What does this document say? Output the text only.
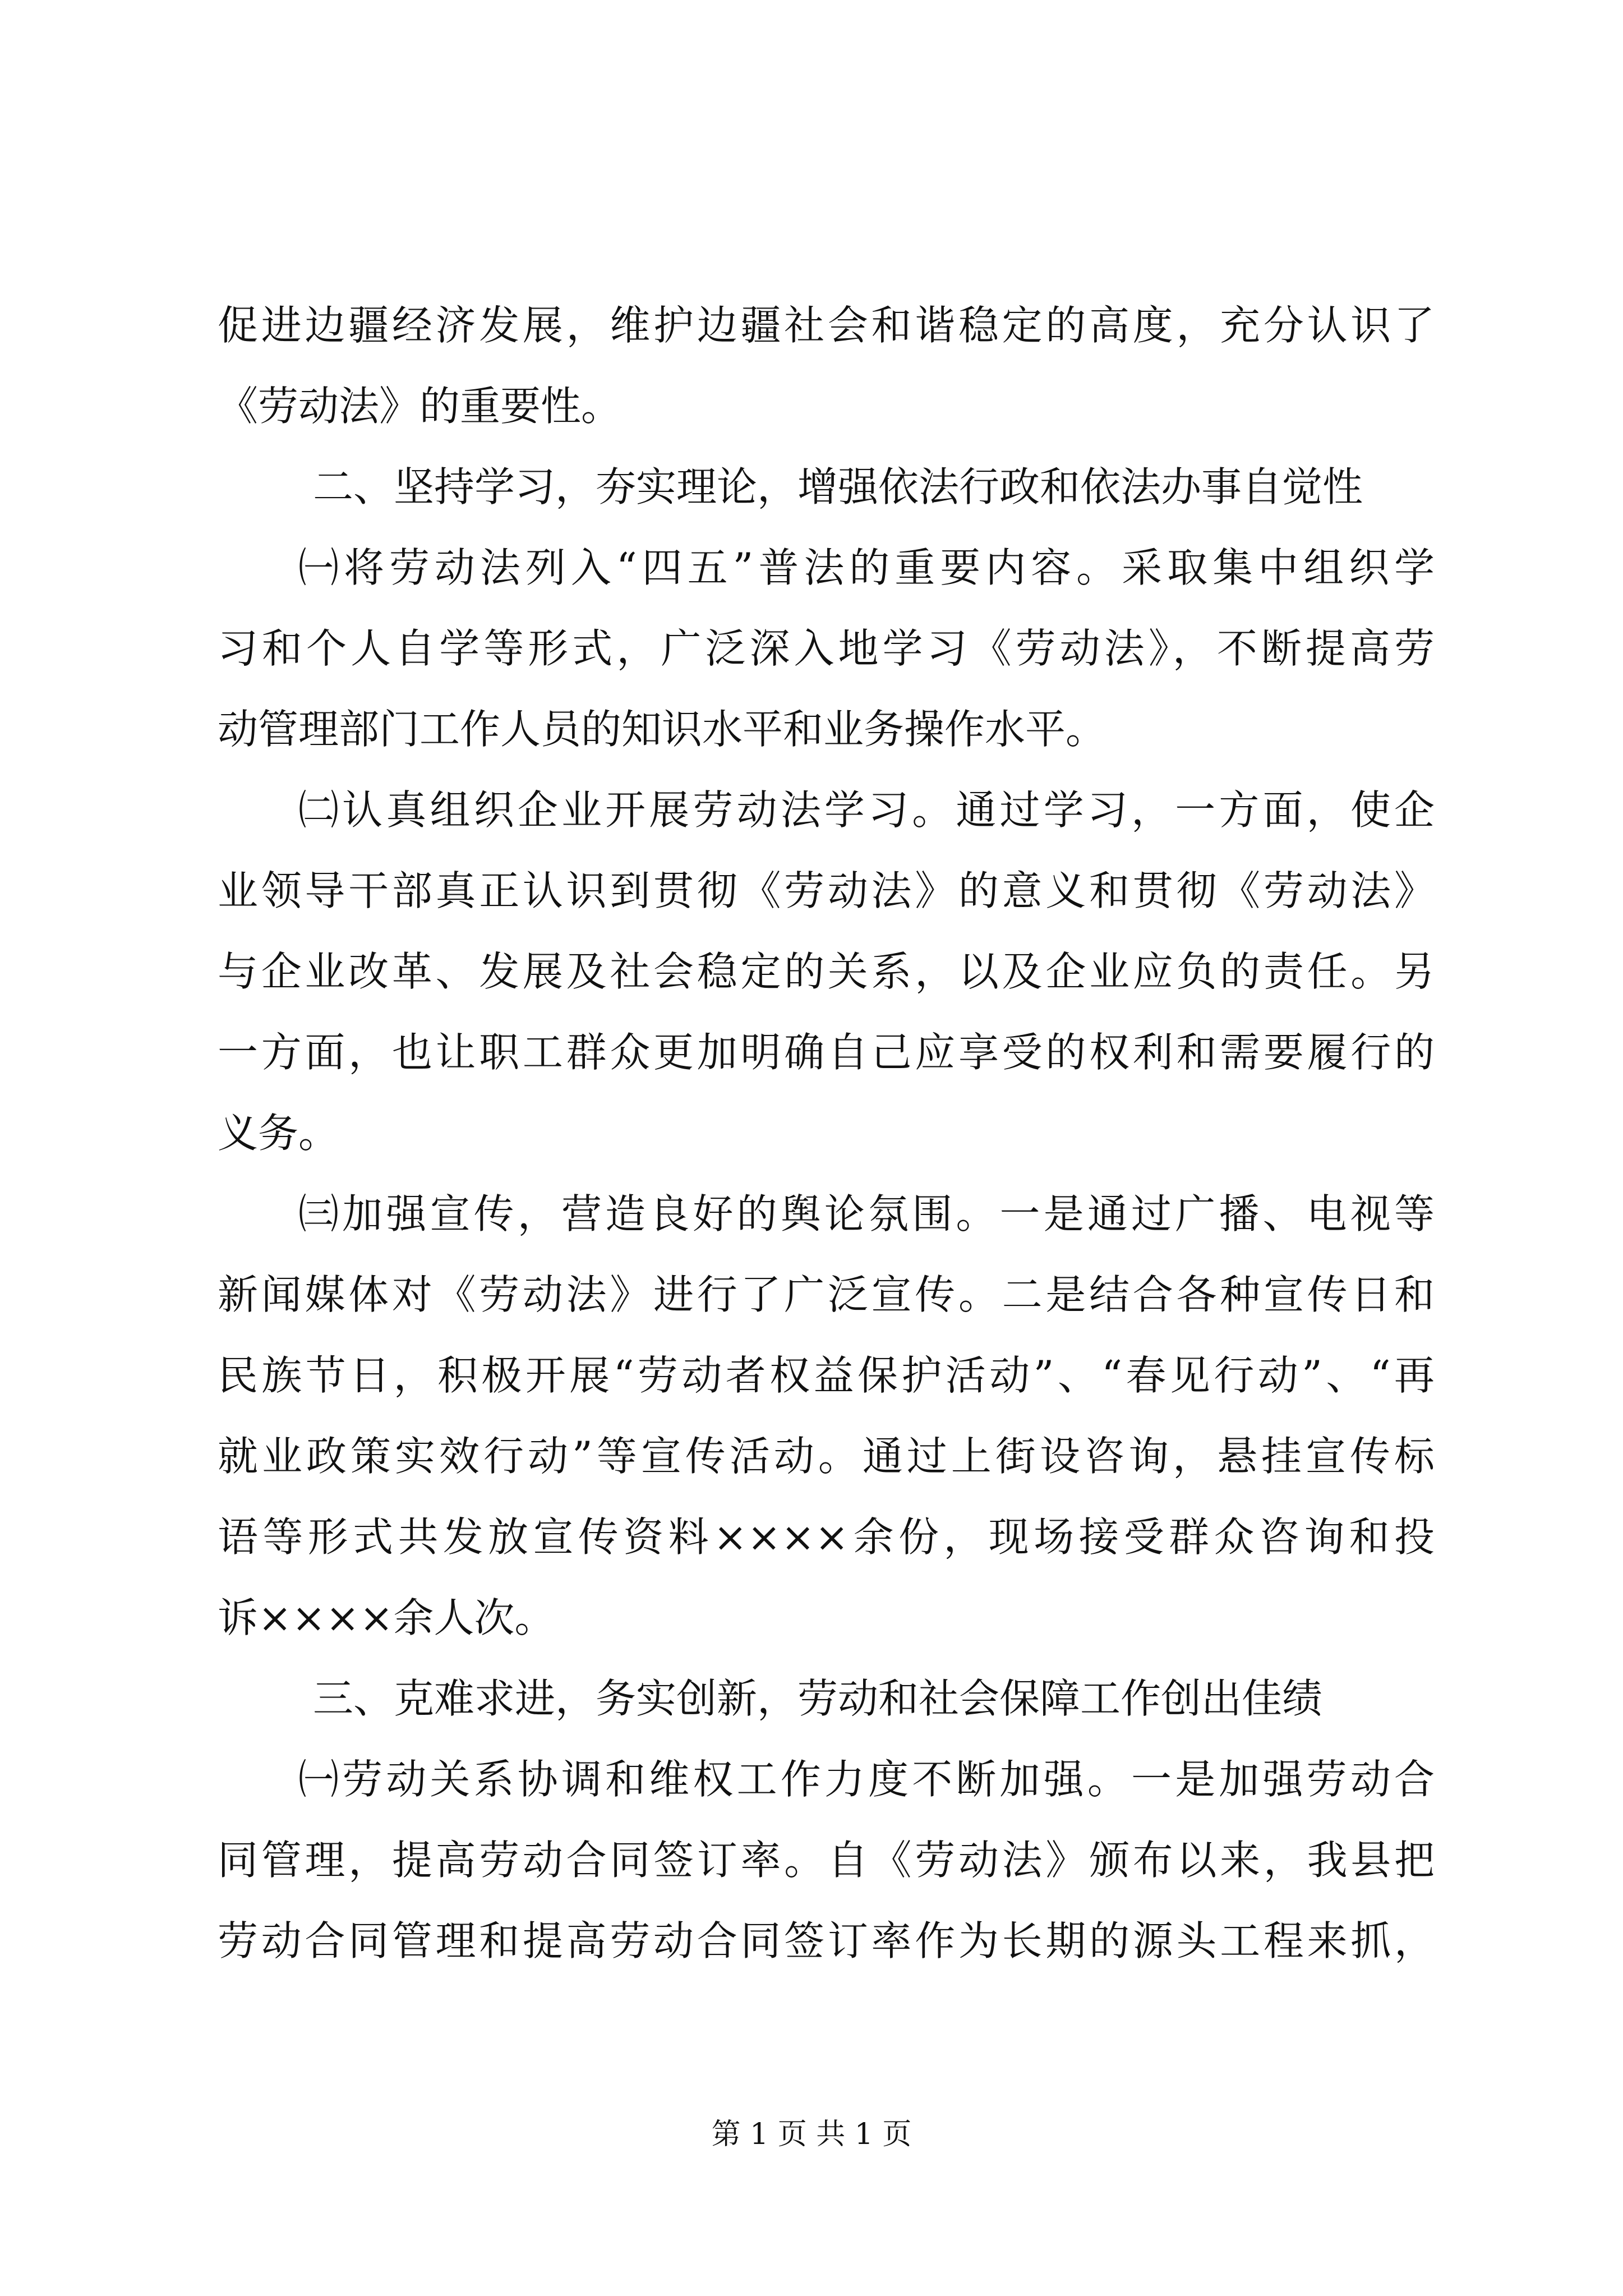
促进边疆经济发展，维护边疆社会和谐稳定的高度，充分认识了
《劳动法》的重要性。
二、坚持学习，夯实理论，增强依法行政和依法办事自觉性
㈠将劳动法列入“四五”普法的重要内容。采取集中组织学
习和个人自学等形式，广泛深入地学习《劳动法》，不断提高劳
动管理部门工作人员的知识水平和业务操作水平。
㈡认真组织企业开展劳动法学习。通过学习，一方面，使企
业领导干部真正认识到贯彻《劳动法》的意义和贯彻《劳动法》
与企业改革、发展及社会稳定的关系，以及企业应负的责任。另
一方面，也让职工群众更加明确自己应享受的权利和需要履行的
义务。
㈢加强宣传，营造良好的舆论氛围。一是通过广播、电视等
新闻媒体对《劳动法》进行了广泛宣传。二是结合各种宣传日和
民族节日，积极开展“劳动者权益保护活动”、“春见行动”、“再
就业政策实效行动”等宣传活动。通过上街设咨询，悬挂宣传标
语等形式共发放宣传资料××××余份，现场接受群众咨询和投
诉××××余人次。
三、克难求进，务实创新，劳动和社会保障工作创出佳绩
㈠劳动关系协调和维权工作力度不断加强。一是加强劳动合
同管理，提高劳动合同签订率。自《劳动法》颁布以来，我县把
劳动合同管理和提高劳动合同签订率作为长期的源头工程来抓，
第 1 页 共 1 页
